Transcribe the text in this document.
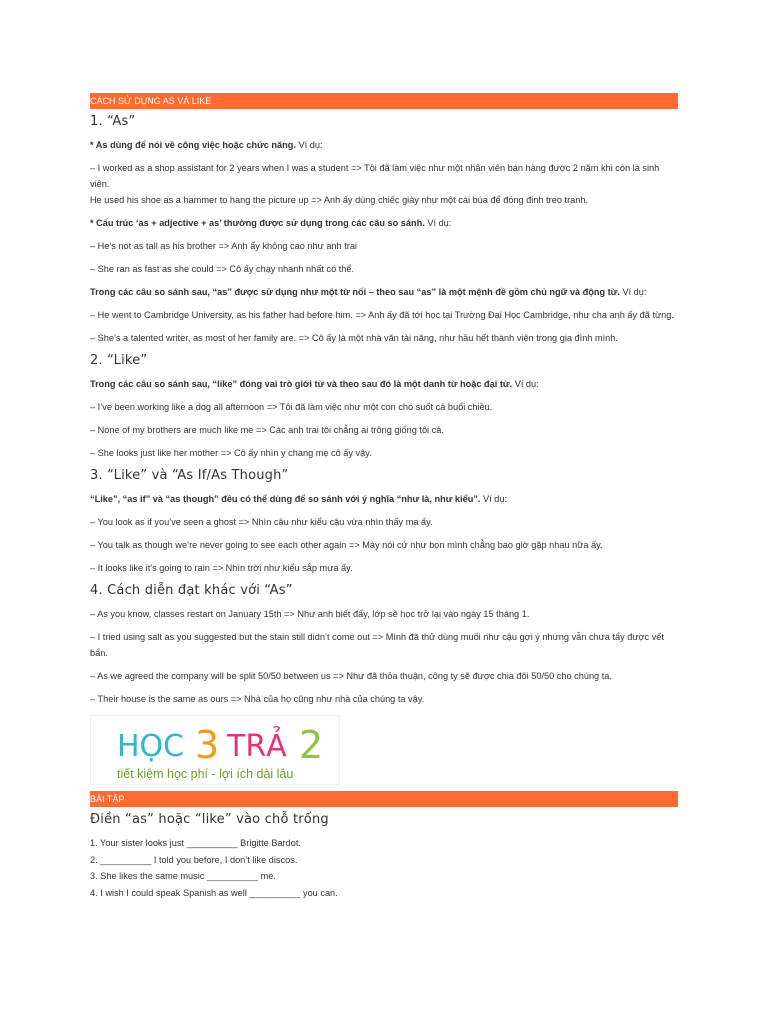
CÁCH SỬ DỤNG AS VÀ LIKE
1. “As”

* As dùng để nói về công việc hoặc chức năng. Ví dụ:

– I worked as a shop assistant for 2 years when I was a student => Tôi đã làm việc như một nhân viên bán hàng được 2 năm khi còn là sinh viên.

He used his shoe as a hammer to hang the picture up => Anh ấy dùng chiếc giày như một cái búa để đóng đinh treo tranh.

* Cấu trúc ‘as + adjective + as’ thường được sử dụng trong các câu so sánh. Ví dụ:

– He’s not as tall as his brother => Anh ấy không cao như anh trai

– She ran as fast as she could => Cô ấy chạy nhanh nhất có thể.

Trong các câu so sánh sau, “as” được sử dụng như một từ nối – theo sau “as” là một mệnh đề gồm chủ ngữ và động từ. Ví dụ:

– He went to Cambridge University, as his father had before him. => Anh ấy đã tới học tại Trường Đại Học Cambridge, như cha anh ấy đã từng.

– She’s a talented writer, as most of her family are. => Cô ấy là một nhà văn tài năng, như hầu hết thành viên trong gia đình mình.

2. “Like”

Trong các câu so sánh sau, “like” đóng vai trò giới từ và theo sau đó là một danh từ hoặc đại từ. Ví dụ:

– I’ve been working like a dog all afternoon => Tôi đã làm việc như một con chó suốt cả buổi chiều.

– None of my brothers are much like me => Các anh trai tôi chẳng ai trông giống tôi cả.

– She looks just like her mother => Cô ấy nhìn y chang mẹ cô ấy vậy.

3. “Like” và “As If/As Though”

“Like”, “as if” và “as though” đều có thể dùng để so sánh với ý nghĩa “như là, như kiểu”. Ví dụ:

– You look as if you’ve seen a ghost => Nhìn cậu như kiểu cậu vừa nhìn thấy ma ấy.

– You talk as though we’re never going to see each other again => Mày nói cứ như bọn mình chẳng bao giờ gặp nhau nữa ấy.

– It looks like it’s going to rain => Nhìn trời như kiểu sắp mưa ấy.

4. Cách diễn đạt khác với “As”

– As you know, classes restart on January 15th => Như anh biết đấy, lớp sẽ học trở lại vào ngày 15 tháng 1.

– I tried using salt as you suggested but the stain still didn’t come out => Mình đã thử dùng muối như cậu gợi ý nhưng vẫn chưa tẩy được vết bẩn.

– As we agreed the company will be split 50/50 between us => Như đã thỏa thuận, công ty sẽ được chia đôi 50/50 cho chúng ta.

– Their house is the same as ours => Nhà của họ cũng như nhà của chúng ta vậy.

HỌC 3 TRẢ 2
tiết kiệm học phí - lợi ích dài lâu
BÀI TẬP
Điền “as” hoặc “like” vào chỗ trống

1. Your sister looks just __________ Brigitte Bardot.

2. __________ I told you before, I don’t like discos.

3. She likes the same music __________ me.

4. I wish I could speak Spanish as well __________ you can.
